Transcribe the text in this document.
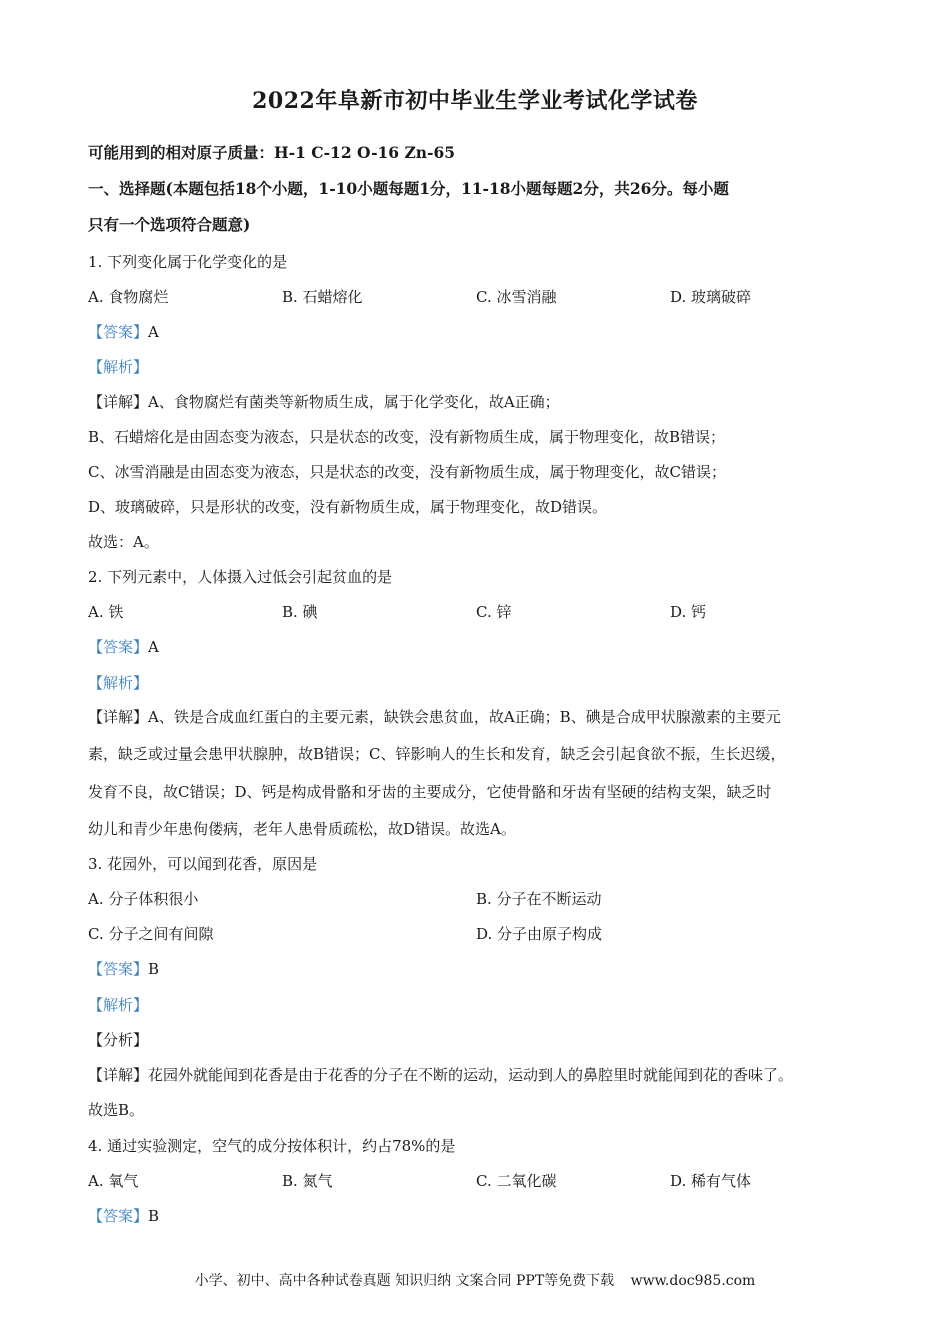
2022年阜新市初中毕业生学业考试化学试卷
可能用到的相对原子质量：H-1 C-12 O-16 Zn-65
一、选择题(本题包括18个小题，1-10小题每题1分，11-18小题每题2分，共26分。每小题
只有一个选项符合题意)
1. 下列变化属于化学变化的是
A. 食物腐烂	B. 石蜡熔化	C. 冰雪消融	D. 玻璃破碎
【答案】A
【解析】
【详解】A、食物腐烂有菌类等新物质生成，属于化学变化，故A正确；
B、石蜡熔化是由固态变为液态，只是状态的改变，没有新物质生成，属于物理变化，故B错误；
C、冰雪消融是由固态变为液态，只是状态的改变，没有新物质生成，属于物理变化，故C错误；
D、玻璃破碎，只是形状的改变，没有新物质生成，属于物理变化，故D错误。
故选：A。
2. 下列元素中，人体摄入过低会引起贫血的是
A. 铁	B. 碘	C. 锌	D. 钙
【答案】A
【解析】
【详解】A、铁是合成血红蛋白的主要元素，缺铁会患贫血，故A正确；B、碘是合成甲状腺激素的主要元
素，缺乏或过量会患甲状腺肿，故B错误；C、锌影响人的生长和发育，缺乏会引起食欲不振，生长迟缓，
发育不良，故C错误；D、钙是构成骨骼和牙齿的主要成分，它使骨骼和牙齿有坚硬的结构支架，缺乏时
幼儿和青少年患佝偻病，老年人患骨质疏松，故D错误。故选A。
3. 花园外，可以闻到花香，原因是
A. 分子体积很小	B. 分子在不断运动
C. 分子之间有间隙	D. 分子由原子构成
【答案】B
【解析】
【分析】
【详解】花园外就能闻到花香是由于花香的分子在不断的运动，运动到人的鼻腔里时就能闻到花的香味了。
故选B。
4. 通过实验测定，空气的成分按体积计，约占78%的是
A. 氧气	B. 氮气	C. 二氧化碳	D. 稀有气体
【答案】B
小学、初中、高中各种试卷真题 知识归纳 文案合同 PPT等免费下载 www.doc985.com
